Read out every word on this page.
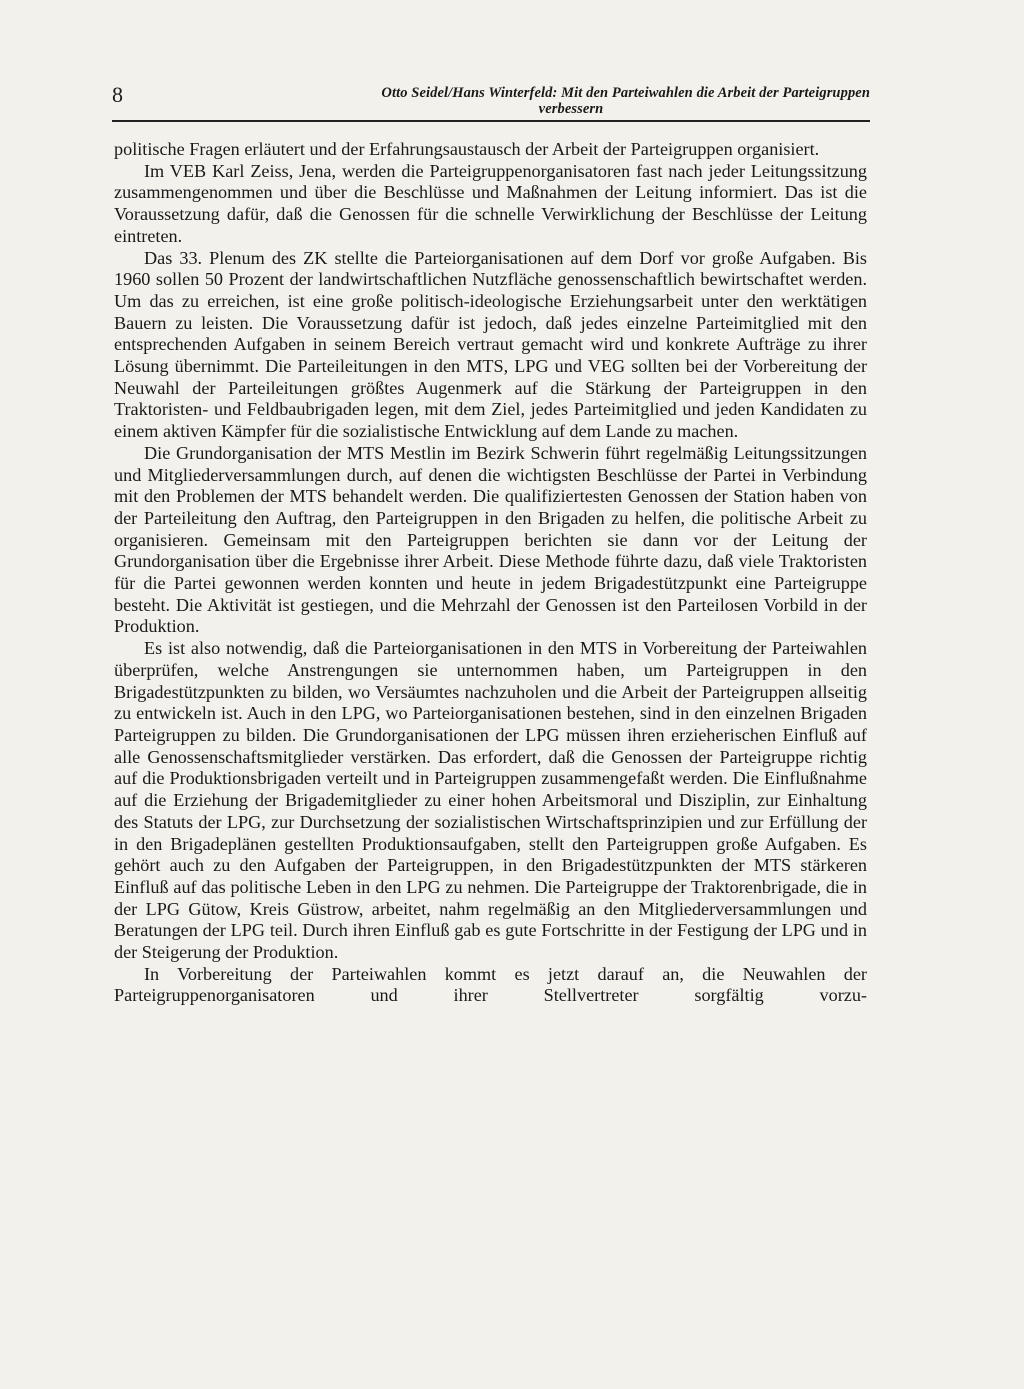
8	Otto Seidel/Hans Winterfeld: Mit den Parteiwahlen die Arbeit der Parteigruppen
verbessern

politische Fragen erläutert und der Erfahrungsaustausch der Arbeit der Parteigruppen organisiert.

Im VEB Karl Zeiss, Jena, werden die Parteigruppenorganisatoren fast nach jeder Leitungssitzung zusammengenommen und über die Beschlüsse und Maßnahmen der Leitung informiert. Das ist die Voraussetzung dafür, daß die Genossen für die schnelle Verwirklichung der Beschlüsse der Leitung eintreten.

Das 33. Plenum des ZK stellte die Parteiorganisationen auf dem Dorf vor große Aufgaben. Bis 1960 sollen 50 Prozent der landwirtschaftlichen Nutzfläche genossenschaftlich bewirtschaftet werden. Um das zu erreichen, ist eine große politisch-ideologische Erziehungsarbeit unter den werktätigen Bauern zu leisten. Die Voraussetzung dafür ist jedoch, daß jedes einzelne Parteimitglied mit den entsprechenden Aufgaben in seinem Bereich vertraut gemacht wird und konkrete Aufträge zu ihrer Lösung übernimmt. Die Parteileitungen in den MTS, LPG und VEG sollten bei der Vorbereitung der Neuwahl der Parteileitungen größtes Augenmerk auf die Stärkung der Parteigruppen in den Traktoristen- und Feldbaubrigaden legen, mit dem Ziel, jedes Parteimitglied und jeden Kandidaten zu einem aktiven Kämpfer für die sozialistische Entwicklung auf dem Lande zu machen.

Die Grundorganisation der MTS Mestlin im Bezirk Schwerin führt regelmäßig Leitungssitzungen und Mitgliederversammlungen durch, auf denen die wichtigsten Beschlüsse der Partei in Verbindung mit den Problemen der MTS behandelt werden. Die qualifiziertesten Genossen der Station haben von der Parteileitung den Auftrag, den Parteigruppen in den Brigaden zu helfen, die politische Arbeit zu organisieren. Gemeinsam mit den Parteigruppen berichten sie dann vor der Leitung der Grundorganisation über die Ergebnisse ihrer Arbeit. Diese Methode führte dazu, daß viele Traktoristen für die Partei gewonnen werden konnten und heute in jedem Brigadestützpunkt eine Parteigruppe besteht. Die Aktivität ist gestiegen, und die Mehrzahl der Genossen ist den Parteilosen Vorbild in der Produktion.

Es ist also notwendig, daß die Parteiorganisationen in den MTS in Vorbereitung der Parteiwahlen überprüfen, welche Anstrengungen sie unternommen haben, um Parteigruppen in den Brigadestützpunkten zu bilden, wo Versäumtes nachzuholen und die Arbeit der Parteigruppen allseitig zu entwickeln ist. Auch in den LPG, wo Parteiorganisationen bestehen, sind in den einzelnen Brigaden Parteigruppen zu bilden. Die Grundorganisationen der LPG müssen ihren erzieherischen Einfluß auf alle Genossenschaftsmitglieder verstärken. Das erfordert, daß die Genossen der Parteigruppe richtig auf die Produktionsbrigaden verteilt und in Parteigruppen zusammengefaßt werden. Die Einflußnahme auf die Erziehung der Brigademitglieder zu einer hohen Arbeitsmoral und Disziplin, zur Einhaltung des Statuts der LPG, zur Durchsetzung der sozialistischen Wirtschaftsprinzipien und zur Erfüllung der in den Brigadeplänen gestellten Produktionsaufgaben, stellt den Parteigruppen große Aufgaben. Es gehört auch zu den Aufgaben der Parteigruppen, in den Brigadestützpunkten der MTS stärkeren Einfluß auf das politische Leben in den LPG zu nehmen. Die Parteigruppe der Traktorenbrigade, die in der LPG Gütow, Kreis Güstrow, arbeitet, nahm regelmäßig an den Mitgliederversammlungen und Beratungen der LPG teil. Durch ihren Einfluß gab es gute Fortschritte in der Festigung der LPG und in der Steigerung der Produktion.

In Vorbereitung der Parteiwahlen kommt es jetzt darauf an, die Neuwahlen der Parteigruppenorganisatoren und ihrer Stellvertreter sorgfältig vorzu-
